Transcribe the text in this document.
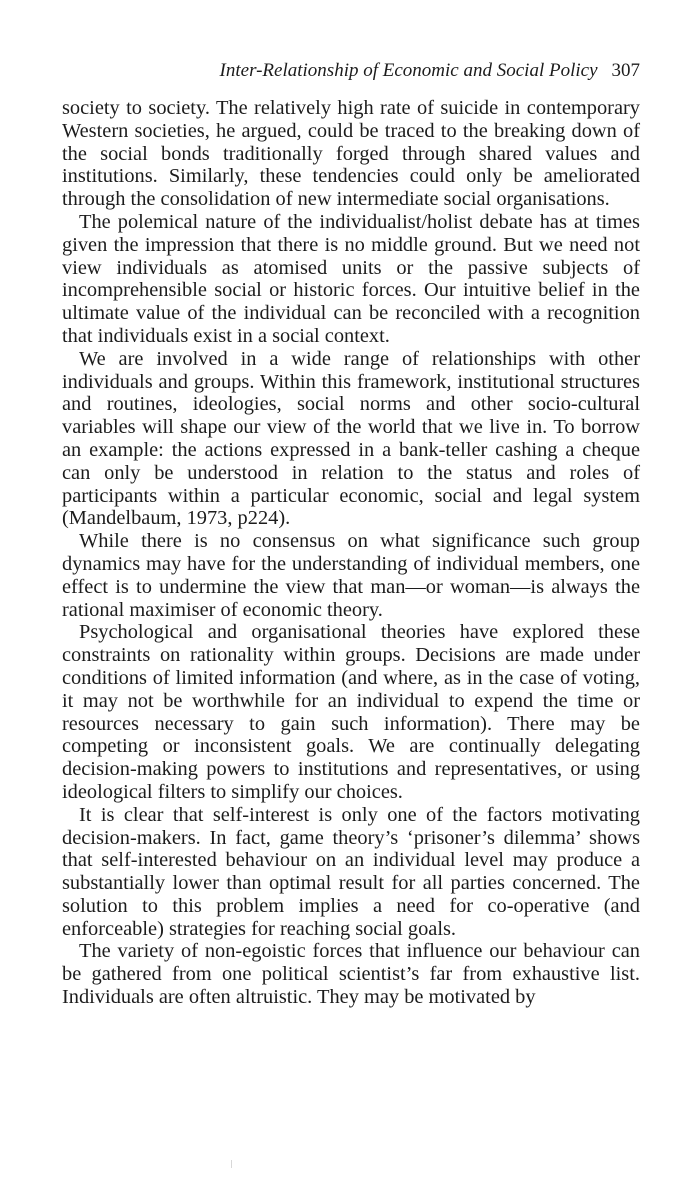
Inter-Relationship of Economic and Social Policy 307

society to society. The relatively high rate of suicide in contemporary Western societies, he argued, could be traced to the breaking down of the social bonds traditionally forged through shared values and institutions. Similarly, these tendencies could only be ameliorated through the consolidation of new intermediate social organisations.

The polemical nature of the individualist/holist debate has at times given the impression that there is no middle ground. But we need not view individuals as atomised units or the passive subjects of incomprehensible social or historic forces. Our intuitive belief in the ultimate value of the individual can be reconciled with a recognition that individuals exist in a social context.

We are involved in a wide range of relationships with other individuals and groups. Within this framework, institutional structures and routines, ideologies, social norms and other socio-cultural variables will shape our view of the world that we live in. To borrow an example: the actions expressed in a bank-teller cashing a cheque can only be understood in relation to the status and roles of participants within a particular economic, social and legal system (Mandelbaum, 1973, p224).

While there is no consensus on what significance such group dynamics may have for the understanding of individual members, one effect is to undermine the view that man—or woman—is always the rational maximiser of economic theory.

Psychological and organisational theories have explored these constraints on rationality within groups. Decisions are made under conditions of limited information (and where, as in the case of voting, it may not be worthwhile for an individual to expend the time or resources necessary to gain such information). There may be competing or inconsistent goals. We are continually delegating decision-making powers to institutions and representatives, or using ideological filters to simplify our choices.

It is clear that self-interest is only one of the factors motivating decision-makers. In fact, game theory’s ‘prisoner’s dilemma’ shows that self-interested behaviour on an individual level may produce a substantially lower than optimal result for all parties concerned. The solution to this problem implies a need for co-operative (and enforceable) strategies for reaching social goals.

The variety of non-egoistic forces that influence our behaviour can be gathered from one political scientist’s far from exhaustive list. Individuals are often altruistic. They may be motivated by
